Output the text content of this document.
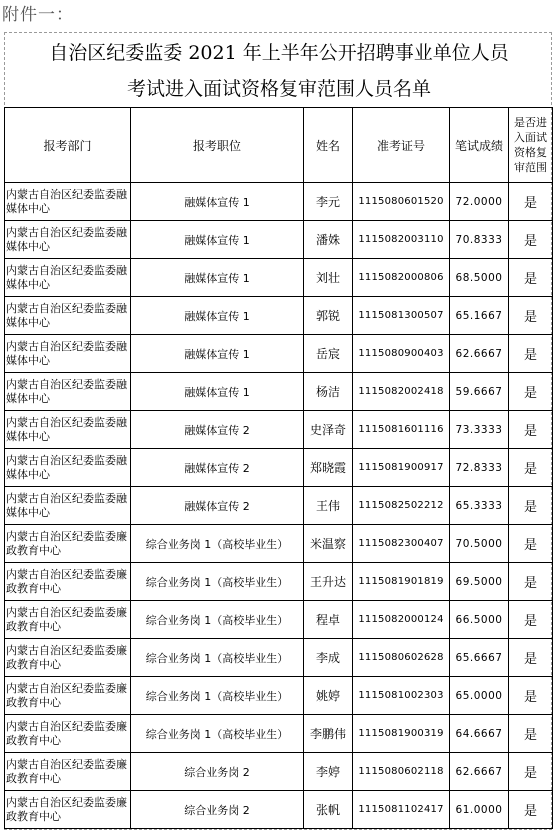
附件一：
自治区纪委监委 2021 年上半年公开招聘事业单位人员
考试进入面试资格复审范围人员名单
报考部门	报考职位	姓名	准考证号	笔试成绩	是否进入面试资格复审范围
内蒙古自治区纪委监委融媒体中心	融媒体宣传 1	李元	1115080601520	72.0000	是
内蒙古自治区纪委监委融媒体中心	融媒体宣传 1	潘姝	1115082003110	70.8333	是
内蒙古自治区纪委监委融媒体中心	融媒体宣传 1	刘壮	1115082000806	68.5000	是
内蒙古自治区纪委监委融媒体中心	融媒体宣传 1	郭锐	1115081300507	65.1667	是
内蒙古自治区纪委监委融媒体中心	融媒体宣传 1	岳宸	1115080900403	62.6667	是
内蒙古自治区纪委监委融媒体中心	融媒体宣传 1	杨洁	1115082002418	59.6667	是
内蒙古自治区纪委监委融媒体中心	融媒体宣传 2	史泽奇	1115081601116	73.3333	是
内蒙古自治区纪委监委融媒体中心	融媒体宣传 2	郑晓霞	1115081900917	72.8333	是
内蒙古自治区纪委监委融媒体中心	融媒体宣传 2	王伟	1115082502212	65.3333	是
内蒙古自治区纪委监委廉政教育中心	综合业务岗 1（高校毕业生）	米温察	1115082300407	70.5000	是
内蒙古自治区纪委监委廉政教育中心	综合业务岗 1（高校毕业生）	王升达	1115081901819	69.5000	是
内蒙古自治区纪委监委廉政教育中心	综合业务岗 1（高校毕业生）	程卓	1115082000124	66.5000	是
内蒙古自治区纪委监委廉政教育中心	综合业务岗 1（高校毕业生）	李成	1115080602628	65.6667	是
内蒙古自治区纪委监委廉政教育中心	综合业务岗 1（高校毕业生）	姚婷	1115081002303	65.0000	是
内蒙古自治区纪委监委廉政教育中心	综合业务岗 1（高校毕业生）	李鹏伟	1115081900319	64.6667	是
内蒙古自治区纪委监委廉政教育中心	综合业务岗 2	李婷	1115080602118	62.6667	是
内蒙古自治区纪委监委廉政教育中心	综合业务岗 2	张帆	1115081102417	61.0000	是
